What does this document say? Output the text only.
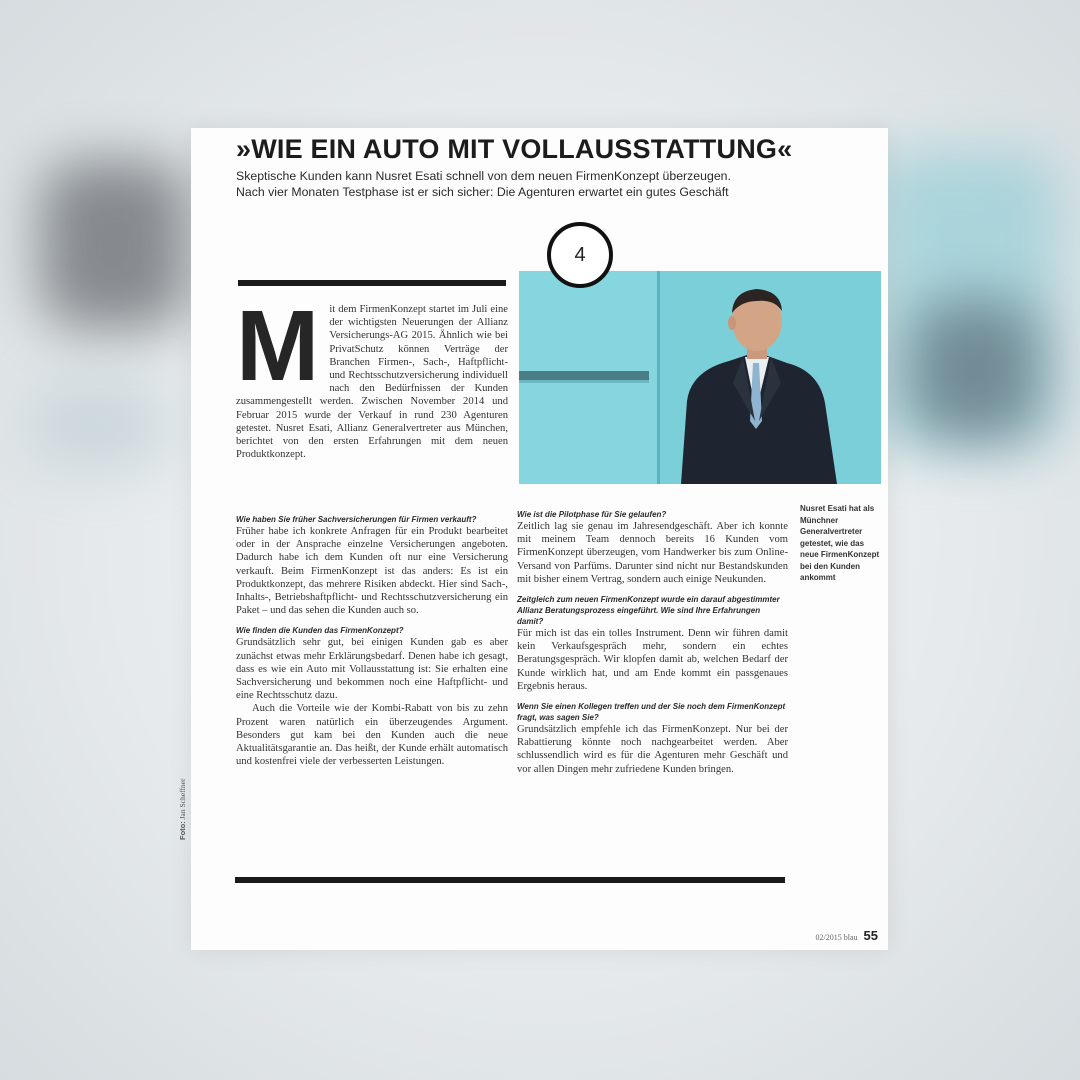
»WIE EIN AUTO MIT VOLLAUSSTATTUNG«
Skeptische Kunden kann Nusret Esati schnell von dem neuen FirmenKonzept überzeugen.
Nach vier Monaten Testphase ist er sich sicher: Die Agenturen erwartet ein gutes Geschäft
4
M it dem FirmenKonzept startet im Juli eine der wichtigsten Neuerungen der Allianz Versicherungs-AG 2015. Ähnlich wie bei PrivatSchutz können Verträge der Branchen Firmen-, Sach-, Haftpflicht- und Rechtsschutzversicherung individuell nach den Bedürfnissen der Kunden zusammengestellt werden. Zwischen November 2014 und Februar 2015 wurde der Verkauf in rund 230 Agenturen getestet. Nusret Esati, Allianz Generalvertreter aus München, berichtet von den ersten Erfahrungen mit dem neuen Produktkonzept.

Wie haben Sie früher Sachversicherungen für Firmen verkauft?

Früher habe ich konkrete Anfragen für ein Produkt bearbeitet oder in der Ansprache einzelne Versicherungen angeboten. Dadurch habe ich dem Kunden oft nur eine Versicherung verkauft. Beim FirmenKonzept ist das anders: Es ist ein Produktkonzept, das mehrere Risiken abdeckt. Hier sind Sach-, Inhalts-, Betriebshaftpflicht- und Rechtsschutzversicherung ein Paket – und das sehen die Kunden auch so.

Wie finden die Kunden das FirmenKonzept?

Grundsätzlich sehr gut, bei einigen Kunden gab es aber zunächst etwas mehr Erklärungsbedarf. Denen habe ich gesagt, dass es wie ein Auto mit Vollausstattung ist: Sie erhalten eine Sachversicherung und bekommen noch eine Haftpflicht- und eine Rechtsschutz dazu.

Auch die Vorteile wie der Kombi-Rabatt von bis zu zehn Prozent waren natürlich ein überzeugendes Argument. Besonders gut kam bei den Kunden auch die neue Aktualitätsgarantie an. Das heißt, der Kunde erhält automatisch und kostenfrei viele der verbesserten Leistungen.

Wie ist die Pilotphase für Sie gelaufen?

Zeitlich lag sie genau im Jahresendgeschäft. Aber ich konnte mit meinem Team dennoch bereits 16 Kunden vom FirmenKonzept überzeugen, vom Handwerker bis zum Online-Versand von Parfüms. Darunter sind nicht nur Bestandskunden mit bisher einem Vertrag, sondern auch einige Neukunden.

Zeitgleich zum neuen FirmenKonzept wurde ein darauf abgestimmter Allianz Beratungsprozess eingeführt. Wie sind Ihre Erfahrungen damit?

Für mich ist das ein tolles Instrument. Denn wir führen damit kein Verkaufsgespräch mehr, sondern ein echtes Beratungsgespräch. Wir klopfen damit ab, welchen Bedarf der Kunde wirklich hat, und am Ende kommt ein passgenaues Ergebnis heraus.

Wenn Sie einen Kollegen treffen und der Sie noch dem FirmenKonzept fragt, was sagen Sie?

Grundsätzlich empfehle ich das FirmenKonzept. Nur bei der Rabattierung könnte noch nachgearbeitet werden. Aber schlussendlich wird es für die Agenturen mehr Geschäft und vor allen Dingen mehr zufriedene Kunden bringen.

Nusret Esati hat als Münchner Generalvertreter getestet, wie das neue FirmenKonzept bei den Kunden ankommt
Foto: Jan Scheffner
02/2015 blau 55
